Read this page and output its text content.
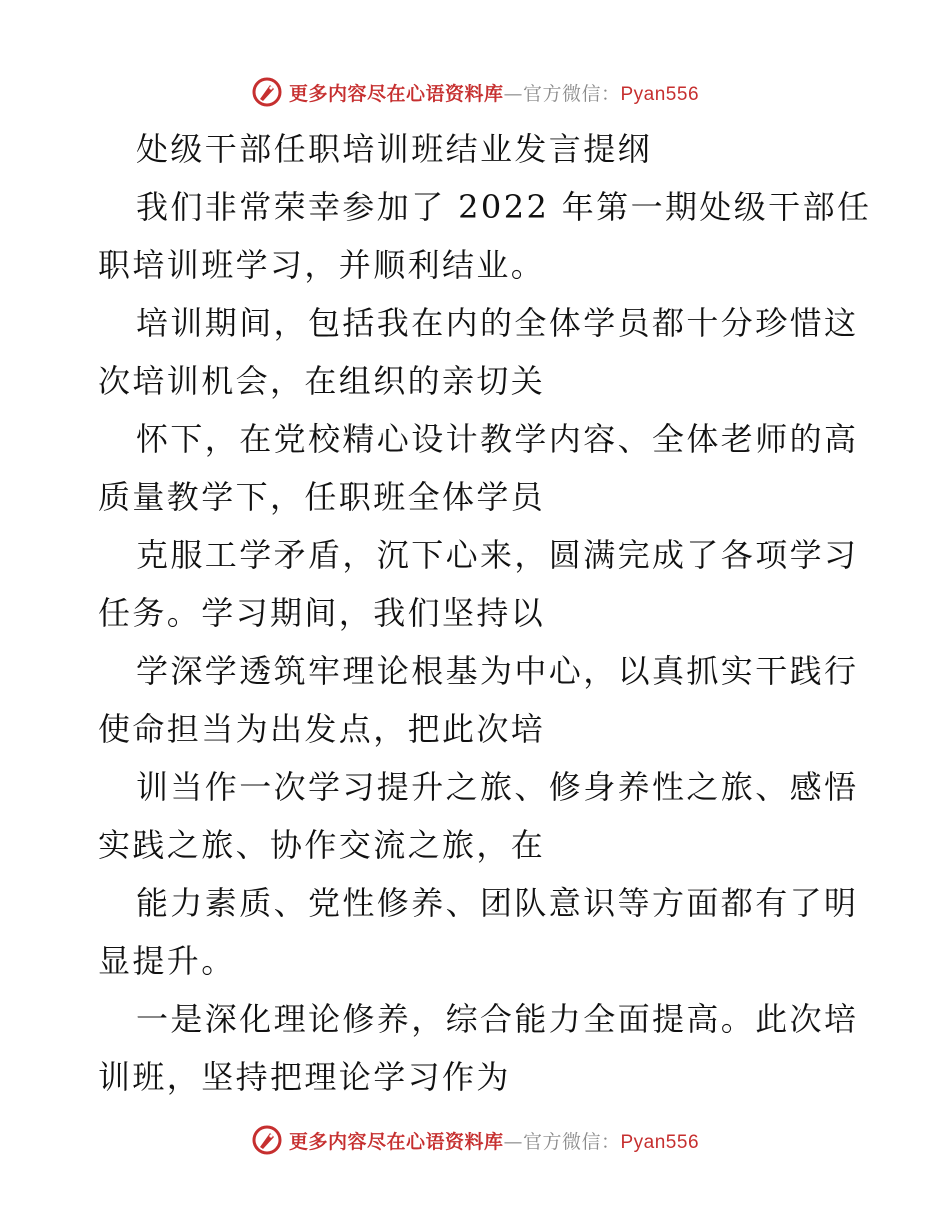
更多内容尽在心语资料库—官方微信：Pyan556
处级干部任职培训班结业发言提纲
我们非常荣幸参加了 2022 年第一期处级干部任
职培训班学习，并顺利结业。
培训期间，包括我在内的全体学员都十分珍惜这
次培训机会，在组织的亲切关
怀下，在党校精心设计教学内容、全体老师的高
质量教学下，任职班全体学员
克服工学矛盾，沉下心来，圆满完成了各项学习
任务。学习期间，我们坚持以
学深学透筑牢理论根基为中心，以真抓实干践行
使命担当为出发点，把此次培
训当作一次学习提升之旅、修身养性之旅、感悟
实践之旅、协作交流之旅，在
能力素质、党性修养、团队意识等方面都有了明
显提升。
一是深化理论修养，综合能力全面提高。此次培
训班，坚持把理论学习作为
更多内容尽在心语资料库—官方微信：Pyan556
